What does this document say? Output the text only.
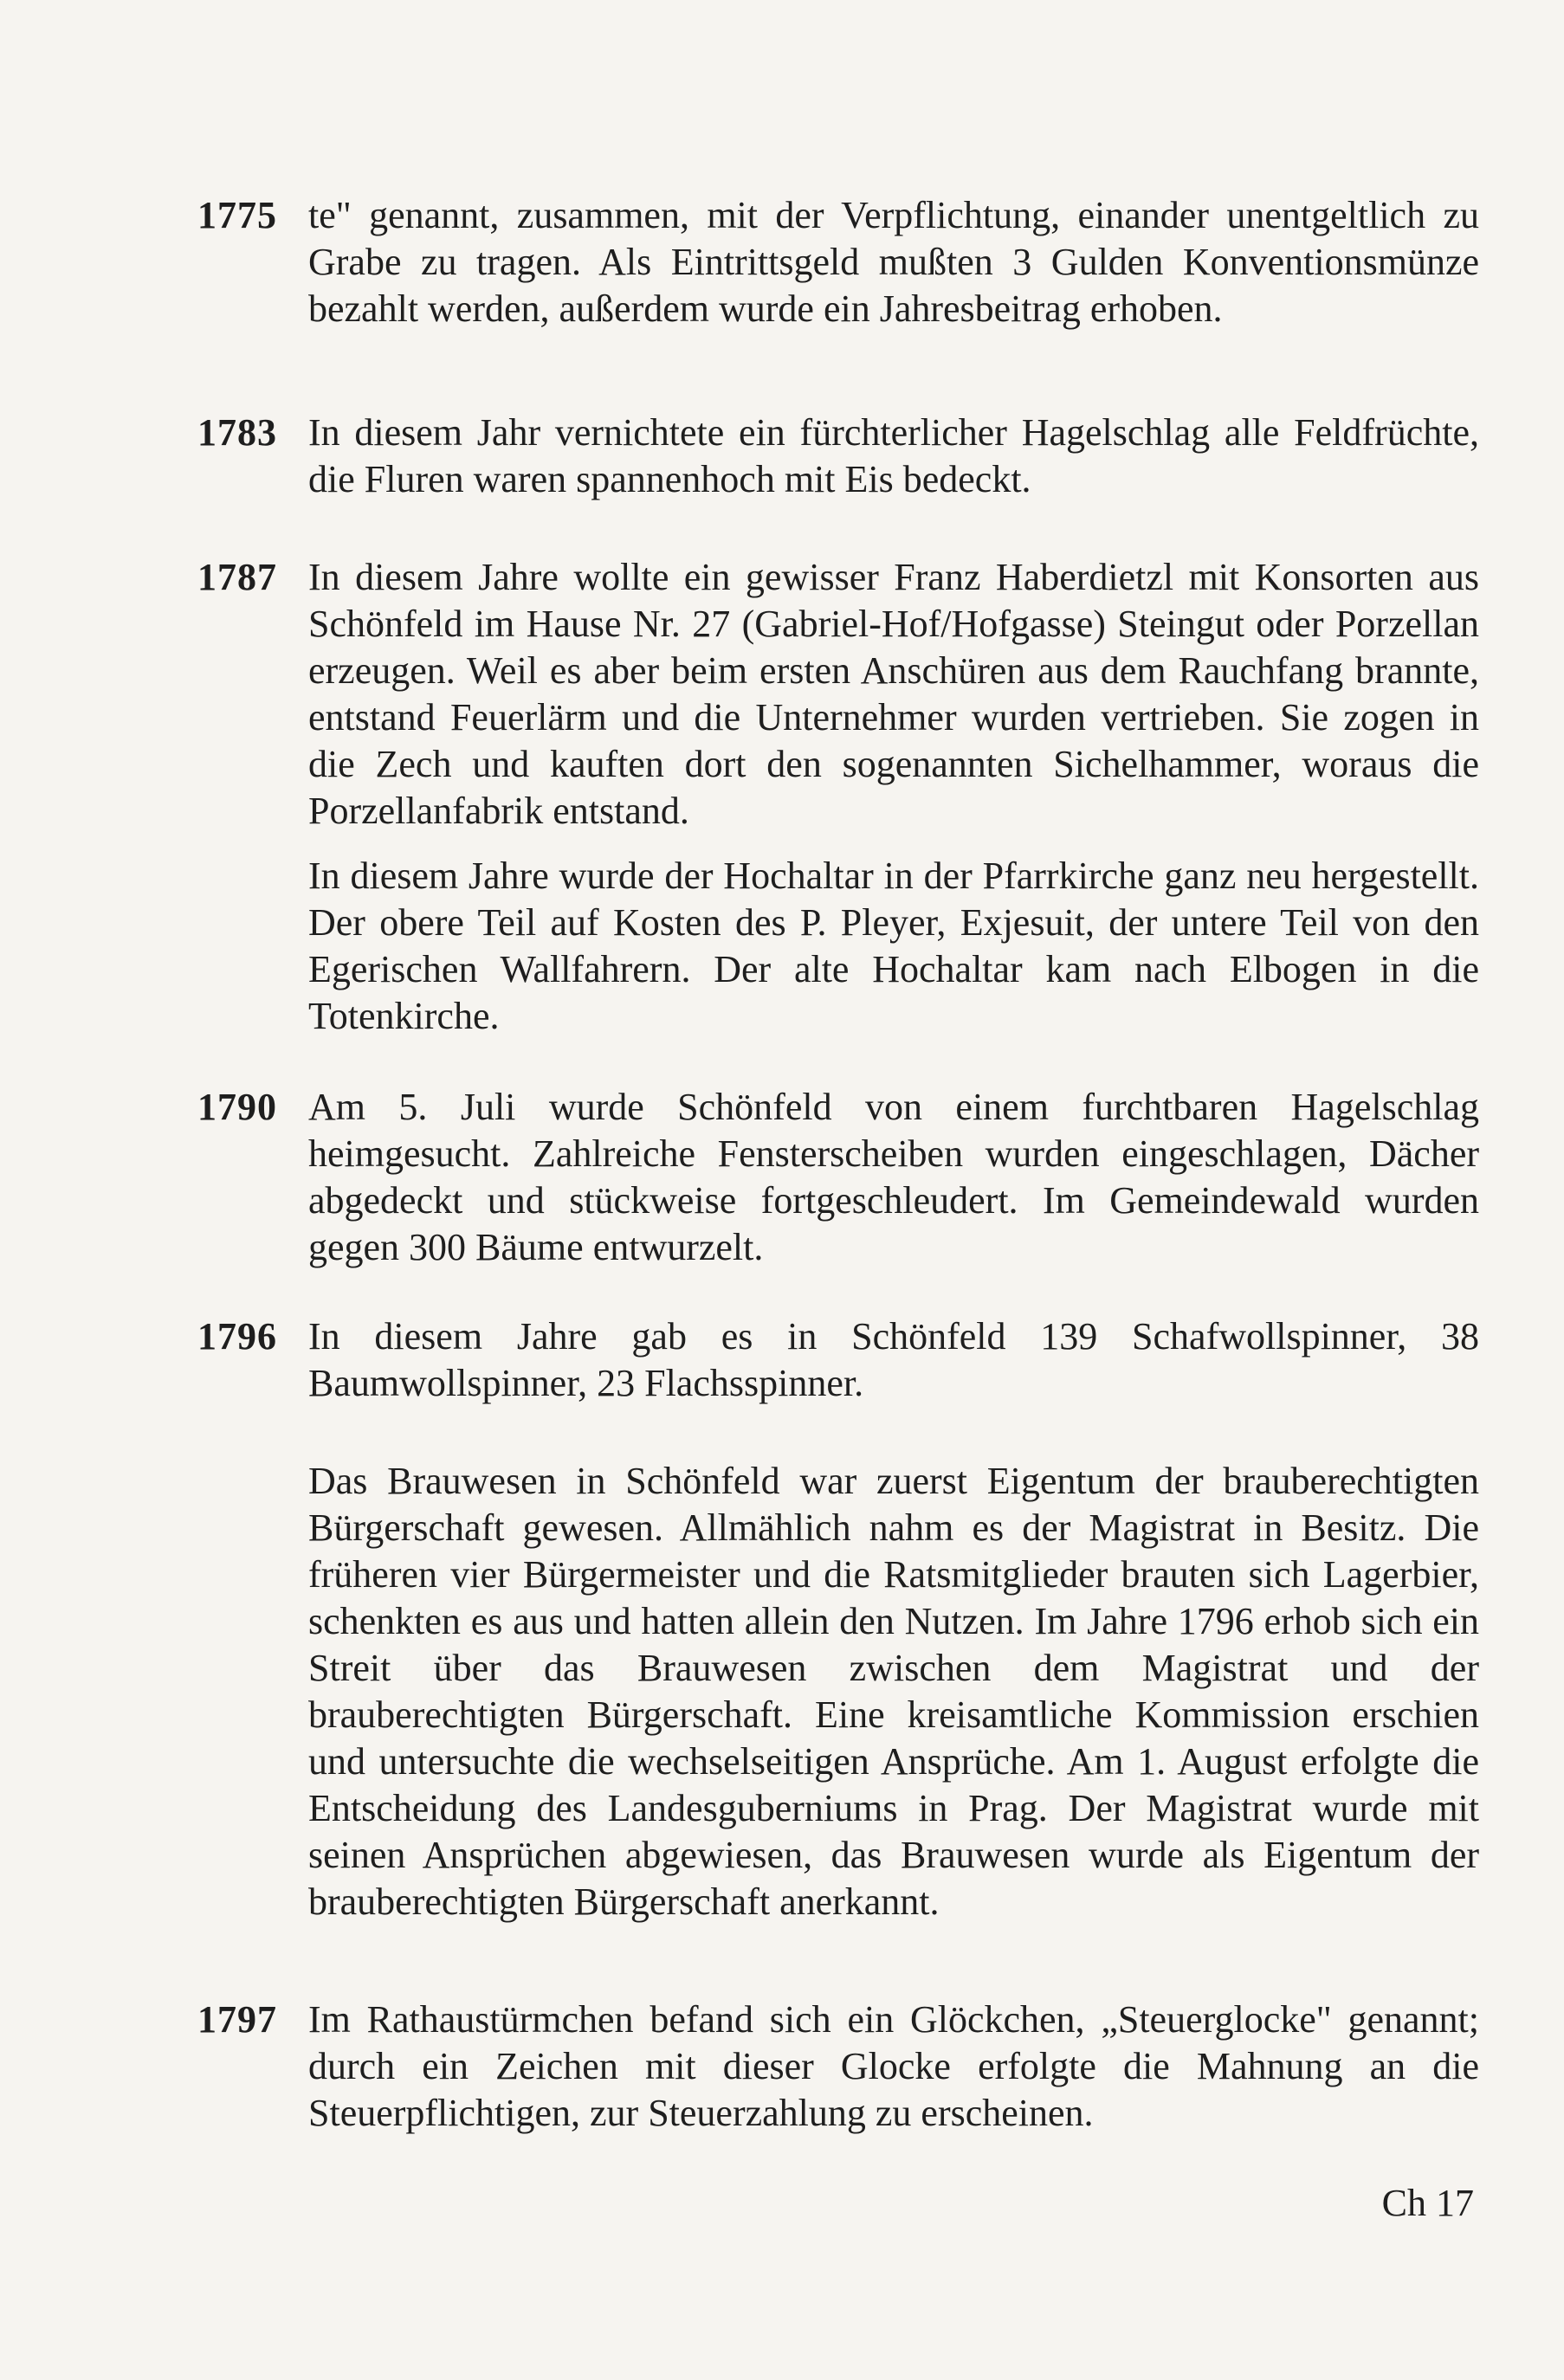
1775 te" genannt, zusammen, mit der Verpflichtung, einander unentgeltlich zu Grabe zu tragen. Als Eintrittsgeld mußten 3 Gulden Konventionsmünze bezahlt werden, außerdem wurde ein Jahresbeitrag erhoben.
1783 In diesem Jahr vernichtete ein fürchterlicher Hagelschlag alle Feldfrüchte, die Fluren waren spannenhoch mit Eis bedeckt.
1787 In diesem Jahre wollte ein gewisser Franz Haberdietzl mit Konsorten aus Schönfeld im Hause Nr. 27 (Gabriel-Hof/Hofgasse) Steingut oder Porzellan erzeugen. Weil es aber beim ersten Anschüren aus dem Rauchfang brannte, entstand Feuerlärm und die Unternehmer wurden vertrieben. Sie zogen in die Zech und kauften dort den sogenannten Sichelhammer, woraus die Porzellanfabrik entstand.
In diesem Jahre wurde der Hochaltar in der Pfarrkirche ganz neu hergestellt. Der obere Teil auf Kosten des P. Pleyer, Exjesuit, der untere Teil von den Egerischen Wallfahrern. Der alte Hochaltar kam nach Elbogen in die Totenkirche.
1790 Am 5. Juli wurde Schönfeld von einem furchtbaren Hagelschlag heimgesucht. Zahlreiche Fensterscheiben wurden eingeschlagen, Dächer abgedeckt und stückweise fortgeschleudert. Im Gemeindewald wurden gegen 300 Bäume entwurzelt.
1796 In diesem Jahre gab es in Schönfeld 139 Schafwollspinner, 38 Baumwollspinner, 23 Flachsspinner.
Das Brauwesen in Schönfeld war zuerst Eigentum der brauberechtigten Bürgerschaft gewesen. Allmählich nahm es der Magistrat in Besitz. Die früheren vier Bürgermeister und die Ratsmitglieder brauten sich Lagerbier, schenkten es aus und hatten allein den Nutzen. Im Jahre 1796 erhob sich ein Streit über das Brauwesen zwischen dem Magistrat und der brauberechtigten Bürgerschaft. Eine kreisamtliche Kommission erschien und untersuchte die wechselseitigen Ansprüche. Am 1. August erfolgte die Entscheidung des Landesguberniums in Prag. Der Magistrat wurde mit seinen Ansprüchen abgewiesen, das Brauwesen wurde als Eigentum der brauberechtigten Bürgerschaft anerkannt.
1797 Im Rathaustürmchen befand sich ein Glöckchen, „Steuerglocke" genannt; durch ein Zeichen mit dieser Glocke erfolgte die Mahnung an die Steuerpflichtigen, zur Steuerzahlung zu erscheinen.
Ch 17
